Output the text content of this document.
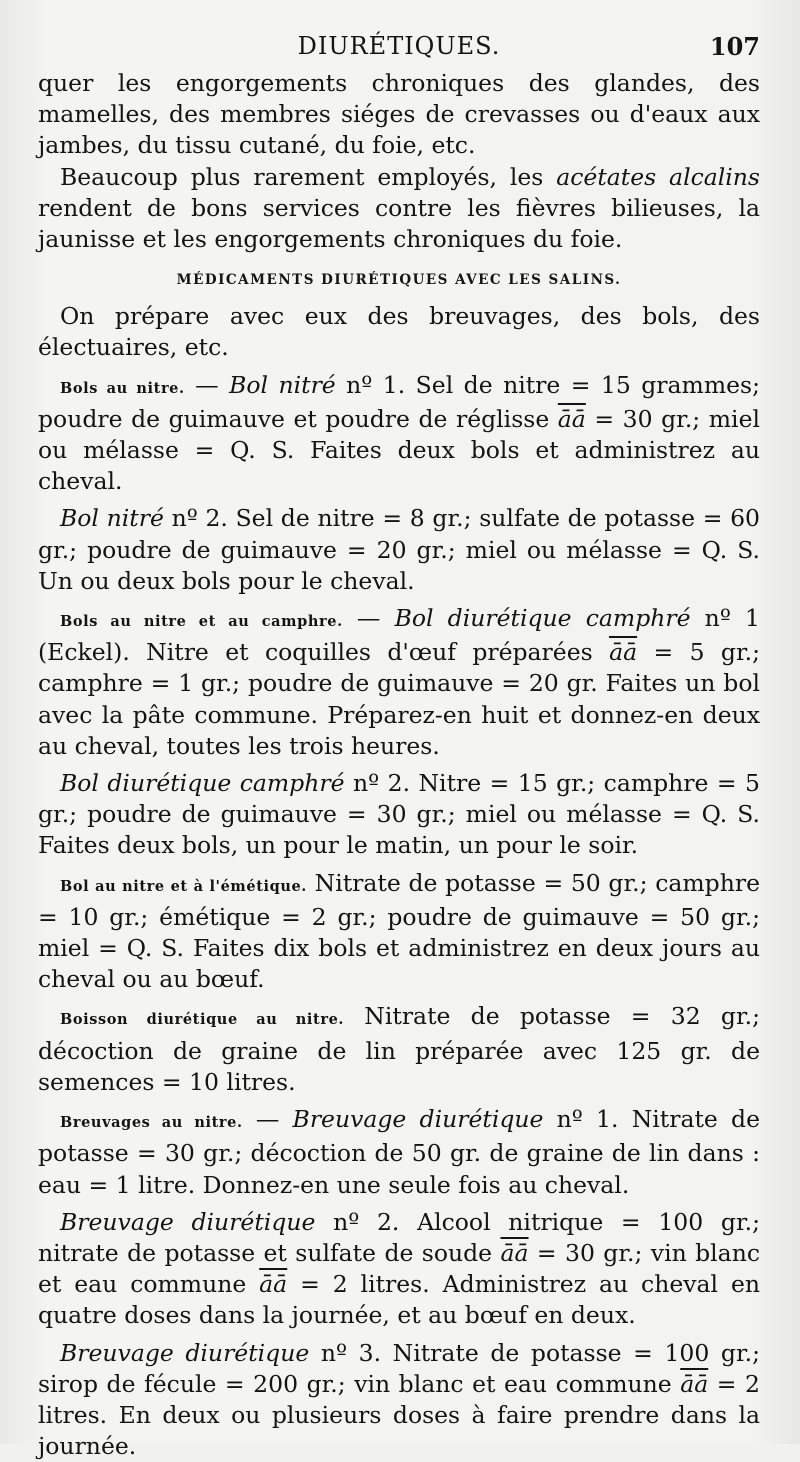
DIURÉTIQUES.	107

quer les engorgements chroniques des glandes, des mamelles, des membres siéges de crevasses ou d'eaux aux jambes, du tissu cutané, du foie, etc.

Beaucoup plus rarement employés, les acétates alcalins rendent de bons services contre les fièvres bilieuses, la jaunisse et les engorgements chroniques du foie.

MÉDICAMENTS DIURÉTIQUES AVEC LES SALINS.

On prépare avec eux des breuvages, des bols, des électuaires, etc.

Bols au nitre. — Bol nitré nº 1. Sel de nitre = 15 grammes; poudre de guimauve et poudre de réglisse $\overline{āā} = 30$ gr.; miel ou mélasse = Q. S. Faites deux bols et administrez au cheval.

Bol nitré nº 2. Sel de nitre = 8 gr.; sulfate de potasse = 60 gr.; poudre de guimauve = 20 gr.; miel ou mélasse = Q. S. Un ou deux bols pour le cheval.

Bols au nitre et au camphre. — Bol diurétique camphré nº 1 (Eckel). Nitre et coquilles d'œuf préparées $\overline{āā} = 5$ gr.; camphre = 1 gr.; poudre de guimauve = 20 gr. Faites un bol avec la pâte commune. Préparez-en huit et donnez-en deux au cheval, toutes les trois heures.

Bol diurétique camphré nº 2. Nitre = 15 gr.; camphre = 5 gr.; poudre de guimauve = 30 gr.; miel ou mélasse = Q. S. Faites deux bols, un pour le matin, un pour le soir.

Bol au nitre et à l'émétique. Nitrate de potasse = 50 gr.; camphre = 10 gr.; émétique = 2 gr.; poudre de guimauve = 50 gr.; miel = Q. S. Faites dix bols et administrez en deux jours au cheval ou au bœuf.

Boisson diurétique au nitre. Nitrate de potasse = 32 gr.; décoction de graine de lin préparée avec 125 gr. de semences = 10 litres.

Breuvages au nitre. — Breuvage diurétique nº 1. Nitrate de potasse = 30 gr.; décoction de 50 gr. de graine de lin dans : eau = 1 litre. Donnez-en une seule fois au cheval.

Breuvage diurétique nº 2. Alcool nitrique = 100 gr.; nitrate de potasse et sulfate de soude $\overline{āā} = 30$ gr.; vin blanc et eau commune $\overline{āā} = 2$ litres. Administrez au cheval en quatre doses dans la journée, et au bœuf en deux.

Breuvage diurétique nº 3. Nitrate de potasse = 100 gr.; sirop de fécule = 200 gr.; vin blanc et eau commune $\overline{āā} = 2$ litres. En deux ou plusieurs doses à faire prendre dans la journée.
